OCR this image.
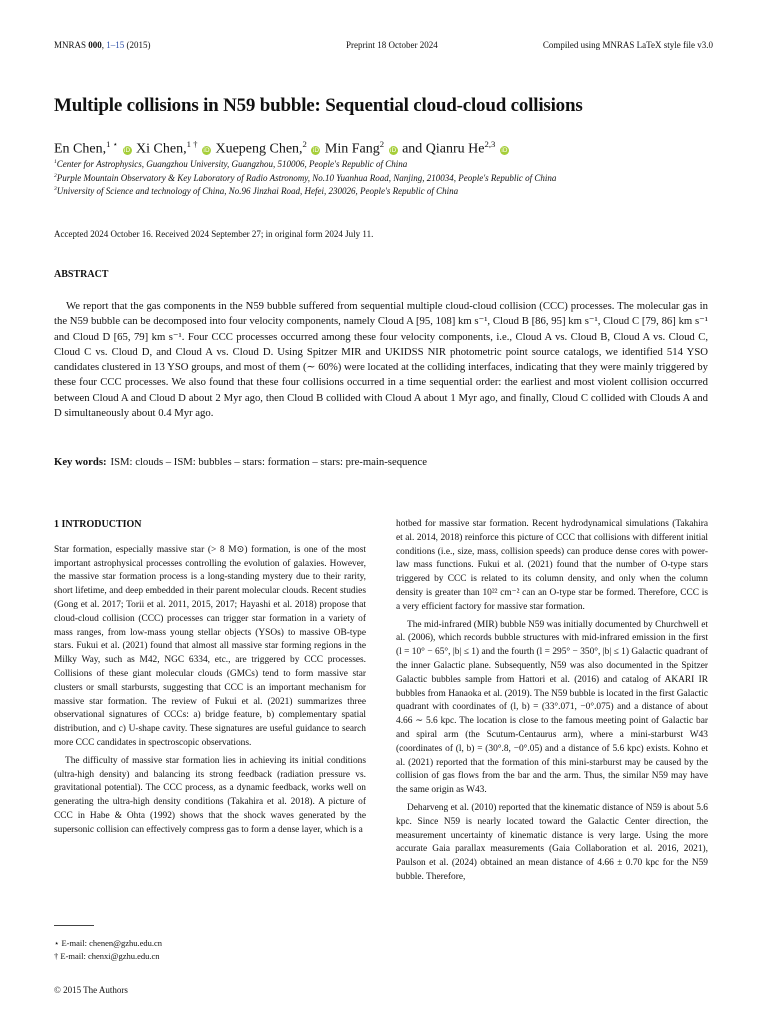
MNRAS 000, 1–15 (2015)	Preprint 18 October 2024	Compiled using MNRAS LaTeX style file v3.0
Multiple collisions in N59 bubble: Sequential cloud-cloud collisions
En Chen,$^{1 ⋆}$ iD Xi Chen,$^{1 \dagger}$ iD Xuepeng Chen,$^2$ iD Min Fang$^2$ iD and Qianru He$^{2,3}$ iD
$^1$Center for Astrophysics, Guangzhou University, Guangzhou, 510006, People's Republic of China
$^2$Purple Mountain Observatory & Key Laboratory of Radio Astronomy, No.10 Yuanhua Road, Nanjing, 210034, People's Republic of China
$^3$University of Science and technology of China, No.96 Jinzhai Road, Hefei, 230026, People's Republic of China
Accepted 2024 October 16. Received 2024 September 27; in original form 2024 July 11.
ABSTRACT
We report that the gas components in the N59 bubble suffered from sequential multiple cloud-cloud collision (CCC) processes. The molecular gas in the N59 bubble can be decomposed into four velocity components, namely Cloud A [95, 108] km s⁻¹, Cloud B [86, 95] km s⁻¹, Cloud C [79, 86] km s⁻¹ and Cloud D [65, 79] km s⁻¹. Four CCC processes occurred among these four velocity components, i.e., Cloud A vs. Cloud B, Cloud A vs. Cloud C, Cloud C vs. Cloud D, and Cloud A vs. Cloud D. Using Spitzer MIR and UKIDSS NIR photometric point source catalogs, we identified 514 YSO candidates clustered in 13 YSO groups, and most of them (∼ 60%) were located at the colliding interfaces, indicating that they were mainly triggered by these four CCC processes. We also found that these four collisions occurred in a time sequential order: the earliest and most violent collision occurred between Cloud A and Cloud D about 2 Myr ago, then Cloud B collided with Cloud A about 1 Myr ago, and finally, Cloud C collided with Clouds A and D simultaneously about 0.4 Myr ago.
Key words: ISM: clouds – ISM: bubbles – stars: formation – stars: pre-main-sequence

1 INTRODUCTION

Star formation, especially massive star (> 8 M⊙) formation, is one of the most important astrophysical processes controlling the evolution of galaxies. However, the massive star formation process is a long-standing mystery due to their rarity, short lifetime, and deep embedded in their parent molecular clouds. Recent studies (Gong et al. 2017; Torii et al. 2011, 2015, 2017; Hayashi et al. 2018) propose that cloud-cloud collision (CCC) processes can trigger star formation in a variety of mass ranges, from low-mass young stellar objects (YSOs) to massive OB-type stars. Fukui et al. (2021) found that almost all massive star forming regions in the Milky Way, such as M42, NGC 6334, etc., are triggered by CCC processes. Collisions of these giant molecular clouds (GMCs) tend to form massive star clusters or small starbursts, suggesting that CCC is an important mechanism for massive star formation. The review of Fukui et al. (2021) summarizes three observational signatures of CCCs: a) bridge feature, b) complementary spatial distribution, and c) U-shape cavity. These signatures are useful guidance to search more CCC candidates in spectroscopic observations.

The difficulty of massive star formation lies in achieving its initial conditions (ultra-high density) and balancing its strong feedback (radiation pressure vs. gravitational potential). The CCC process, as a dynamic feedback, works well on generating the ultra-high density conditions (Takahira et al. 2018). A picture of CCC in Habe & Ohta (1992) shows that the shock waves generated by the supersonic collision can effectively compress gas to form a dense layer, which is a

hotbed for massive star formation. Recent hydrodynamical simulations (Takahira et al. 2014, 2018) reinforce this picture of CCC that collisions with different initial conditions (i.e., size, mass, collision speeds) can produce dense cores with power-law mass functions. Fukui et al. (2021) found that the number of O-type stars triggered by CCC is related to its column density, and only when the column density is greater than 10²² cm⁻² can an O-type star be formed. Therefore, CCC is a very efficient factory for massive star formation.

The mid-infrared (MIR) bubble N59 was initially documented by Churchwell et al. (2006), which records bubble structures with mid-infrared emission in the first (l = 10° − 65°, |b| ≤ 1) and the fourth (l = 295° − 350°, |b| ≤ 1) Galactic quadrant of the inner Galactic plane. Subsequently, N59 was also documented in the Spitzer Galactic bubbles sample from Hattori et al. (2016) and catalog of AKARI IR bubbles from Hanaoka et al. (2019). The N59 bubble is located in the first Galactic quadrant with coordinates of (l, b) = (33°.071, −0°.075) and a distance of about 4.66 ∼ 5.6 kpc. The location is close to the famous meeting point of Galactic bar and spiral arm (the Scutum-Centaurus arm), where a mini-starburst W43 (coordinates of (l, b) = (30°.8, −0°.05) and a distance of 5.6 kpc) exists. Kohno et al. (2021) reported that the formation of this mini-starburst may be caused by the collision of gas flows from the bar and the arm. Thus, the similar N59 may have the same origin as W43.

Deharveng et al. (2010) reported that the kinematic distance of N59 is about 5.6 kpc. Since N59 is nearly located toward the Galactic Center direction, the measurement uncertainty of kinematic distance is very large. Using the more accurate Gaia parallax measurements (Gaia Collaboration et al. 2016, 2021), Paulson et al. (2024) obtained an mean distance of 4.66 ± 0.70 kpc for the N59 bubble. Therefore,

⋆ E-mail: chenen@gzhu.edu.cn
† E-mail: chenxi@gzhu.edu.cn
© 2015 The Authors
